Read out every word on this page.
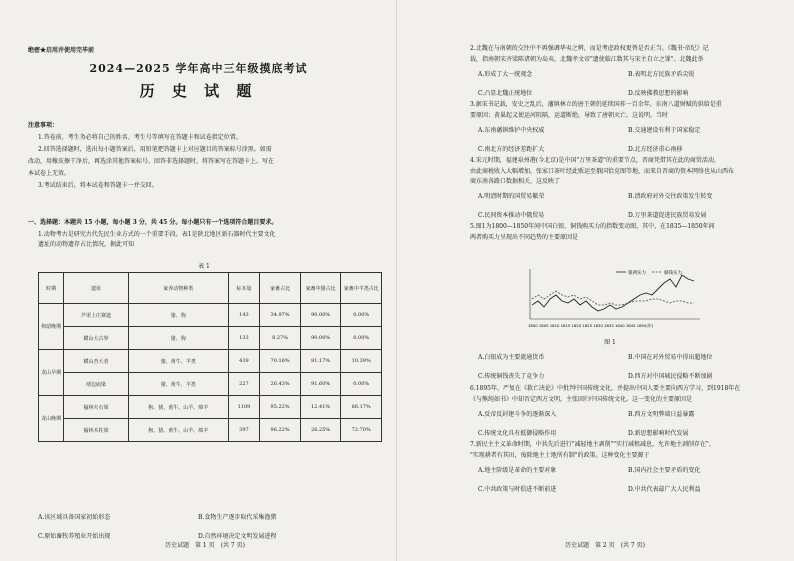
绝密★启用并使用完毕前
2024—2025 学年高中三年级摸底考试
历 史 试 题
注意事项：
1.答卷前，考生务必将自己的姓名、考生号等填写在答题卡和试卷指定位置。
2.回答选择题时，选出每小题答案后，用铅笔把答题卡上对应题目的答案标号涂黑。如需
改动，用橡皮擦干净后，再选涂其他答案标号。回答非选择题时，将答案写在答题卡上。写在
本试卷上无效。
3.考试结束后，将本试卷和答题卡一并交回。
一、选择题：本题共 15 小题，每小题 3 分，共 45 分。每小题只有一个选项符合题目要求。
1.动物考古是研究古代先民生业方式的一个重要手段。表1是陕北地区新石器时代主要文化
遗址的动物遗存占比情况，据此可知
表 1
时期	遗址	家养动物种类	标本量	家畜占比	家畜中猪占比	家畜中羊类占比
仰韶晚期	芦渠上庄寨遗	猪、狗	143	34.97%	90.00%	0.00%
	横山大古界	猪、狗	133	8.27%	90.00%	0.00%
龙山早期	横山杏大者	猪、黄牛、羊类	439	70.16%	81.17%	10.39%
	靖边庙梁	猪、黄牛、羊类	227	26.43%	91.60%	0.00%
龙山晚期	榆林火石梁	狗、猪、黄牛、山羊、绵羊	1109	95.22%	12.41%	86.17%
	榆林木柱梁	狗、猪、黄牛、山羊、绵羊	397	96.22%	26.25%	72.70%
A.该区域具备国家初始形态	B.食物生产逐步取代采集渔猎
C.原始畜牧养殖业开始出现	D.自然环境决定文明发展进程
历史试题　第 1 页　(共 7 页)
2.北魏在与南朝的交往中不再强调华夷之辨，而是考虑政权更替是否正当。《魏书·帝纪》记
载，指南朝宋齐梁陈诸朝为岛夷，北魏孝文帝"遗使临江数其与宋主自立之罪"。北魏此举
A.形成了大一统观念	B.表明北方民族矛盾尖锐
C.凸显北魏正统地位	D.反映佛教思想的影响
3.据宋书记载，安史之乱后，藩镇林立的唐王朝仍延续国祚一百余年，东南八道财赋的供给是重
要原因；黄巢起义使运河阻隔，运道断绝，导致了唐朝灭亡。这说明，当时
A.东南藩镇维护中央权威	B.交通建设有利于国家稳定
C.南北方的经济差距扩大	D.北方经济重心南移
4.宋元时期，福建泉州港(今北京)是中国"万里茶道"的重要节点，晋商凭借其在此的商贸活动，
由此商税收入大幅增加，张家口茶叶经此贩运至俄国恰克图等地，而来自晋商的资本网络也从山西布
商东南各路口数据相关，这反映了
A.明清时期的国贸易繁荣	B.清政府对外交往政策发生转变
C.民间资本推动中俄贸易	D.万里茶道促进民族贸易发展
5.图1为1800—1850年间中国白银、铜钱购买力的指数变动图，其中，在1835—1850年间
两者购买力呈现出不同趋势的主要原因是
银两实力	铜钱实力
1800 1805 1810 1815 1820 1825 1830 1835 1840 1845 1850(年)
图 1
A.白银成为主要流通货币	B.中国在对外贸易中得出超地位
C.传统铜钱丧失了竞争力	D.西方对中国城民侵略不断加剧
6.1895年，严复在《救亡决论》中批判中国传统文化，并提出中国人要主要向西方学习，到1918年在
《与熊纯如书》中却否定西方文明，主张回归中国传统文化。这一变化的主要原因是
A.反帝反封建斗争的逐渐深入	B.西方文明弊端日益暴露
C.传统文化具有抵御侵略作用	D.新思想影响时代发展
7.新民主主义革命时期，中共先后进行"减轻地主剥削""实行减租减息，允许地主剥削存在"、
"实现耕者有其田，废除地主土地所有制"的政策。这种变化主要源于
A.地主阶级是革命的主要对象	B.国内社会主要矛盾的变化
C.中共政策与时俱进不断前进	D.中共代表最广大人民利益
历史试题　第 2 页　(共 7 页)
